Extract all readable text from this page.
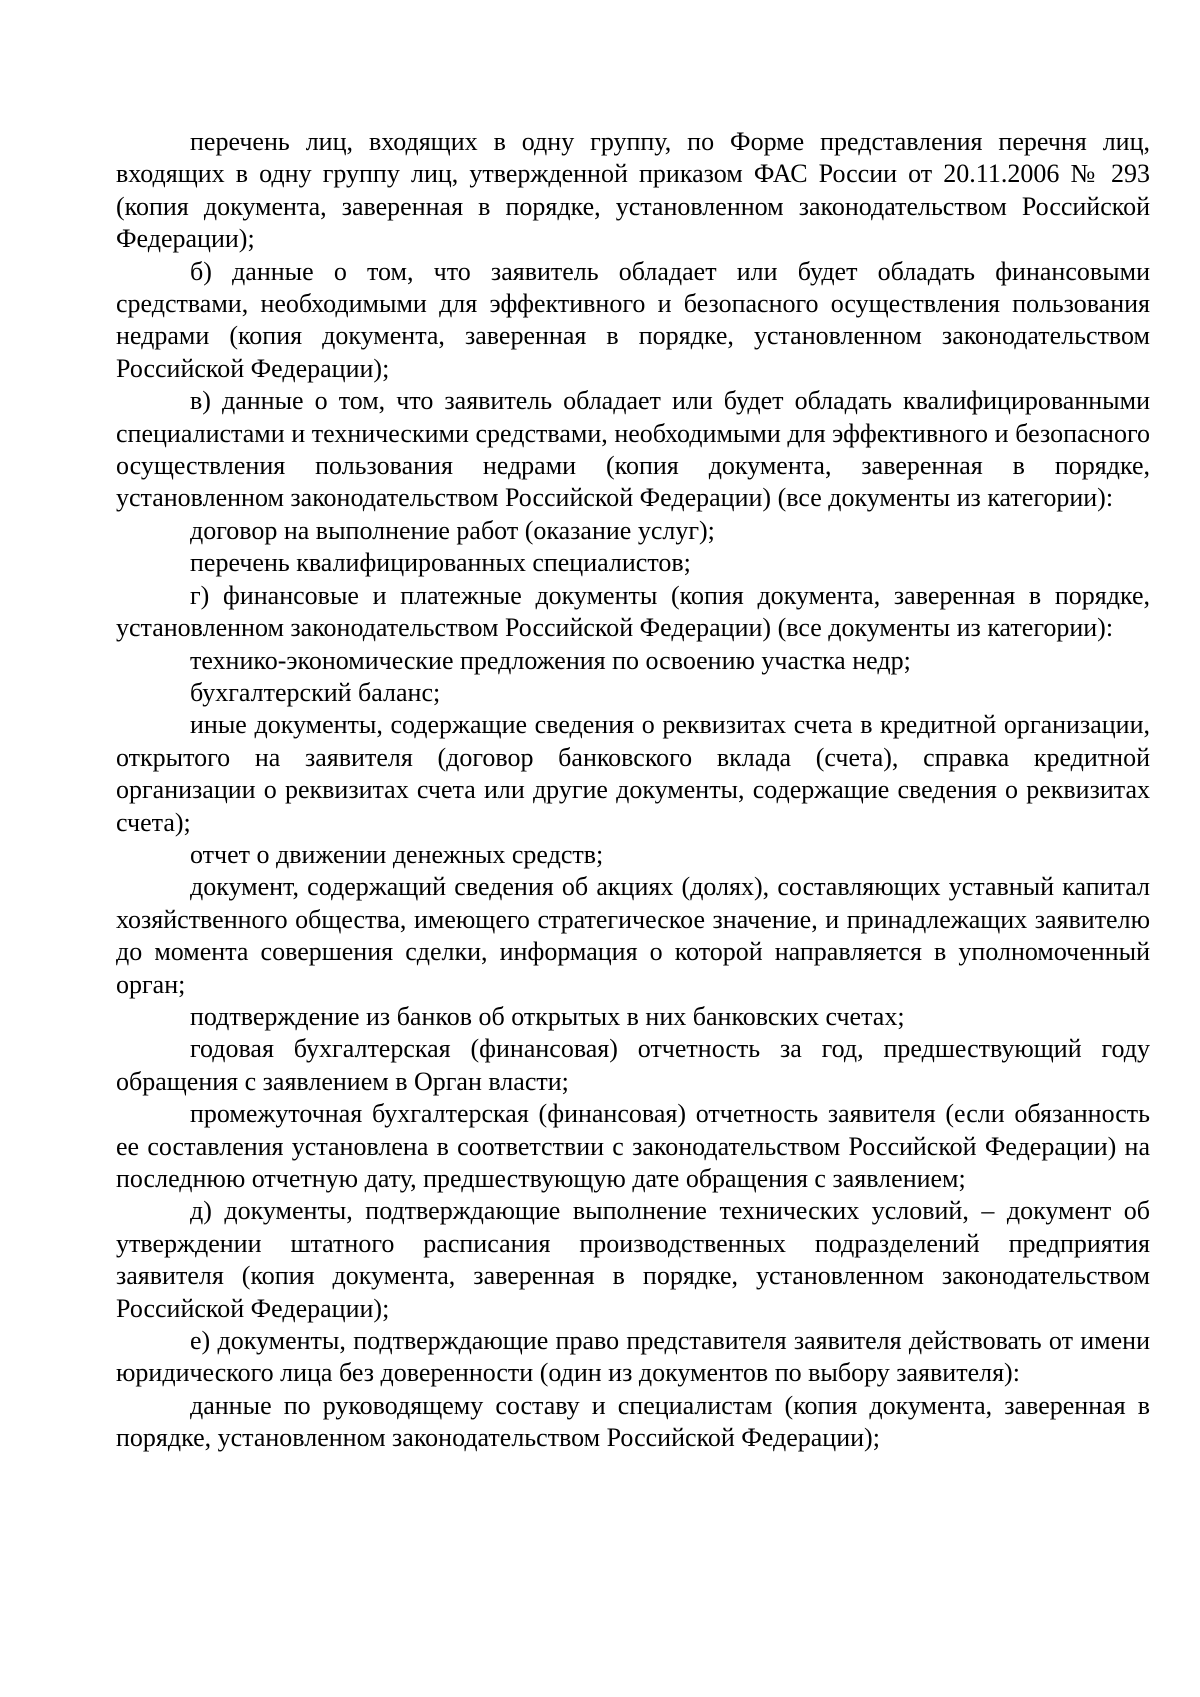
перечень лиц, входящих в одну группу, по Форме представления перечня лиц, входящих в одну группу лиц, утвержденной приказом ФАС России от 20.11.2006 № 293 (копия документа, заверенная в порядке, установленном законодательством Российской Федерации);

б) данные о том, что заявитель обладает или будет обладать финансовыми средствами, необходимыми для эффективного и безопасного осуществления пользования недрами (копия документа, заверенная в порядке, установленном законодательством Российской Федерации);

в) данные о том, что заявитель обладает или будет обладать квалифицированными специалистами и техническими средствами, необходимыми для эффективного и безопасного осуществления пользования недрами (копия документа, заверенная в порядке, установленном законодательством Российской Федерации) (все документы из категории):

договор на выполнение работ (оказание услуг);

перечень квалифицированных специалистов;

г) финансовые и платежные документы (копия документа, заверенная в порядке, установленном законодательством Российской Федерации) (все документы из категории):

технико-экономические предложения по освоению участка недр;

бухгалтерский баланс;

иные документы, содержащие сведения о реквизитах счета в кредитной организации, открытого на заявителя (договор банковского вклада (счета), справка кредитной организации о реквизитах счета или другие документы, содержащие сведения о реквизитах счета);

отчет о движении денежных средств;

документ, содержащий сведения об акциях (долях), составляющих уставный капитал хозяйственного общества, имеющего стратегическое значение, и принадлежащих заявителю до момента совершения сделки, информация о которой направляется в уполномоченный орган;

подтверждение из банков об открытых в них банковских счетах;

годовая бухгалтерская (финансовая) отчетность за год, предшествующий году обращения с заявлением в Орган власти;

промежуточная бухгалтерская (финансовая) отчетность заявителя (если обязанность ее составления установлена в соответствии с законодательством Российской Федерации) на последнюю отчетную дату, предшествующую дате обращения с заявлением;

д) документы, подтверждающие выполнение технических условий, – документ об утверждении штатного расписания производственных подразделений предприятия заявителя (копия документа, заверенная в порядке, установленном законодательством Российской Федерации);

е) документы, подтверждающие право представителя заявителя действовать от имени юридического лица без доверенности (один из документов по выбору заявителя):

данные по руководящему составу и специалистам (копия документа, заверенная в порядке, установленном законодательством Российской Федерации);
